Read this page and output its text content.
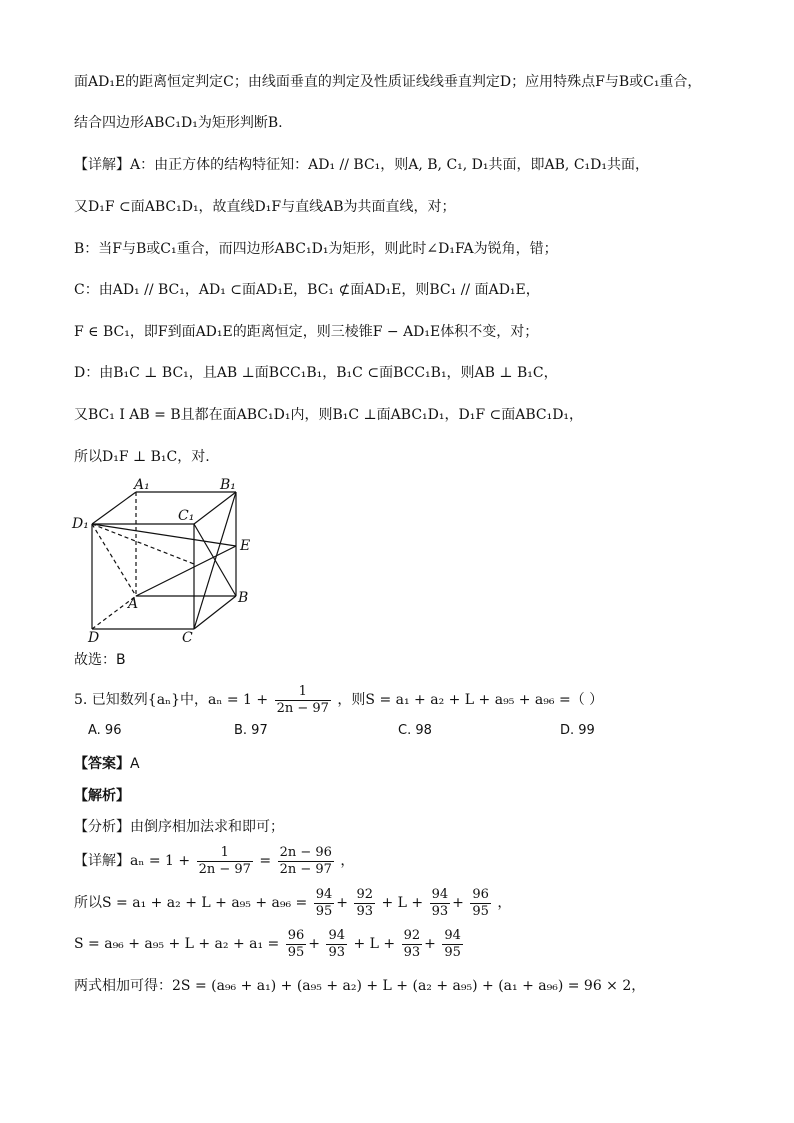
面AD₁E的距离恒定判定C；由线面垂直的判定及性质证线线垂直判定D；应用特殊点F与B或C₁重合，
结合四边形ABC₁D₁为矩形判断B.
【详解】A：由正方体的结构特征知：AD₁ // BC₁，则A, B, C₁, D₁共面，即AB, C₁D₁共面，
又D₁F ⊂面ABC₁D₁，故直线D₁F与直线AB为共面直线，对；
B：当F与B或C₁重合，而四边形ABC₁D₁为矩形，则此时∠D₁FA为锐角，错；
C：由AD₁ // BC₁，AD₁ ⊂面AD₁E，BC₁ ⊄面AD₁E，则BC₁ // 面AD₁E，
F ∈ BC₁，即F到面AD₁E的距离恒定，则三棱锥F − AD₁E体积不变，对；
D：由B₁C ⊥ BC₁，且AB ⊥面BCC₁B₁，B₁C ⊂面BCC₁B₁，则AB ⊥ B₁C，
又BC₁ I AB = B且都在面ABC₁D₁内，则B₁C ⊥面ABC₁D₁，D₁F ⊂面ABC₁D₁，
所以D₁F ⊥ B₁C，对.
A₁	B₁
C₁
D₁
E
B
A
D	C
故选：B
5. 已知数列{aₙ}中，$a_n = 1 + \frac{1}{2n - 97}$ ，则S = a₁ + a₂ + L + a₉₅ + a₉₆ =（ ）
A. 96	B. 97	C. 98	D. 99
【答案】A
【解析】
【分析】由倒序相加法求和即可；
【详解】$a_n = 1 + \frac{1}{2n - 97} = \frac{2n - 96}{2n - 97}$ ，
所以$S = a_1 + a_2 + L + a_{95} + a_{96} = \frac{94}{95} + \frac{92}{93} + L + \frac{94}{93} + \frac{96}{95}$ ，
$S = a_{96} + a_{95} + L + a_2 + a_1 = \frac{96}{95} + \frac{94}{93} + L + \frac{92}{93} + \frac{94}{95}$
两式相加可得：2S = (a₉₆ + a₁) + (a₉₅ + a₂) + L + (a₂ + a₉₅) + (a₁ + a₉₆) = 96 × 2，
